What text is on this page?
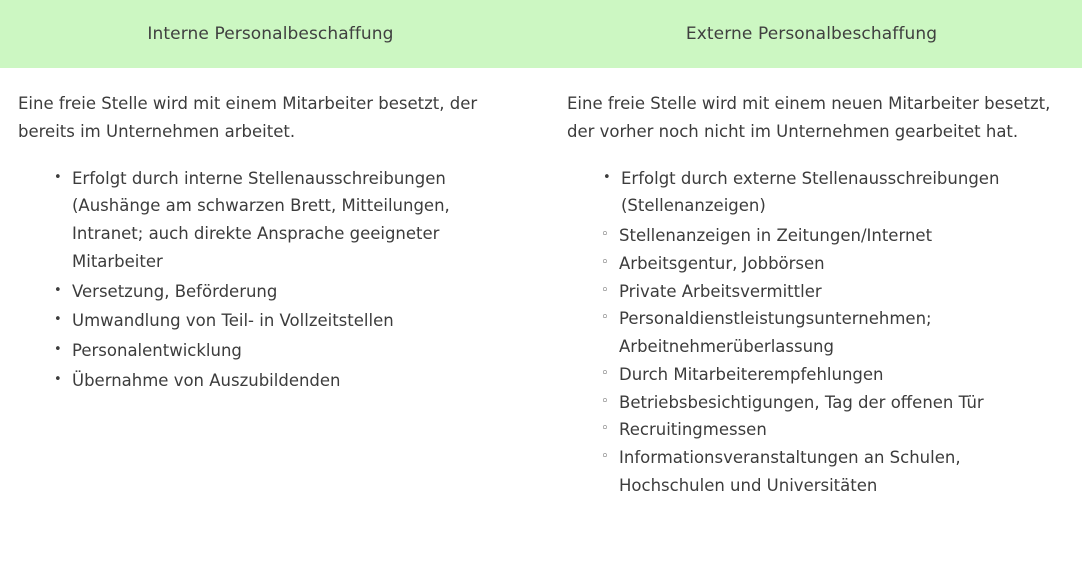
Interne Personalbeschaffung	Externe Personalbeschaffung

Eine freie Stelle wird mit einem Mitarbeiter besetzt, der bereits im Unternehmen arbeitet.

• Erfolgt durch interne Stellenausschreibungen (Aushänge am schwarzen Brett, Mitteilungen, Intranet; auch direkte Ansprache geeigneter Mitarbeiter
• Versetzung, Beförderung
• Umwandlung von Teil- in Vollzeitstellen
• Personalentwicklung
• Übernahme von Auszubildenden

Eine freie Stelle wird mit einem neuen Mitarbeiter besetzt, der vorher noch nicht im Unternehmen gearbeitet hat.

• Erfolgt durch externe Stellenausschreibungen (Stellenanzeigen)
◦ Stellenanzeigen in Zeitungen/Internet
◦ Arbeitsgentur, Jobbörsen
◦ Private Arbeitsvermittler
◦ Personaldienstleistungsunternehmen; Arbeitnehmerüberlassung
◦ Durch Mitarbeiterempfehlungen
◦ Betriebsbesichtigungen, Tag der offenen Tür
◦ Recruitingmessen
◦ Informationsveranstaltungen an Schulen, Hochschulen und Universitäten
